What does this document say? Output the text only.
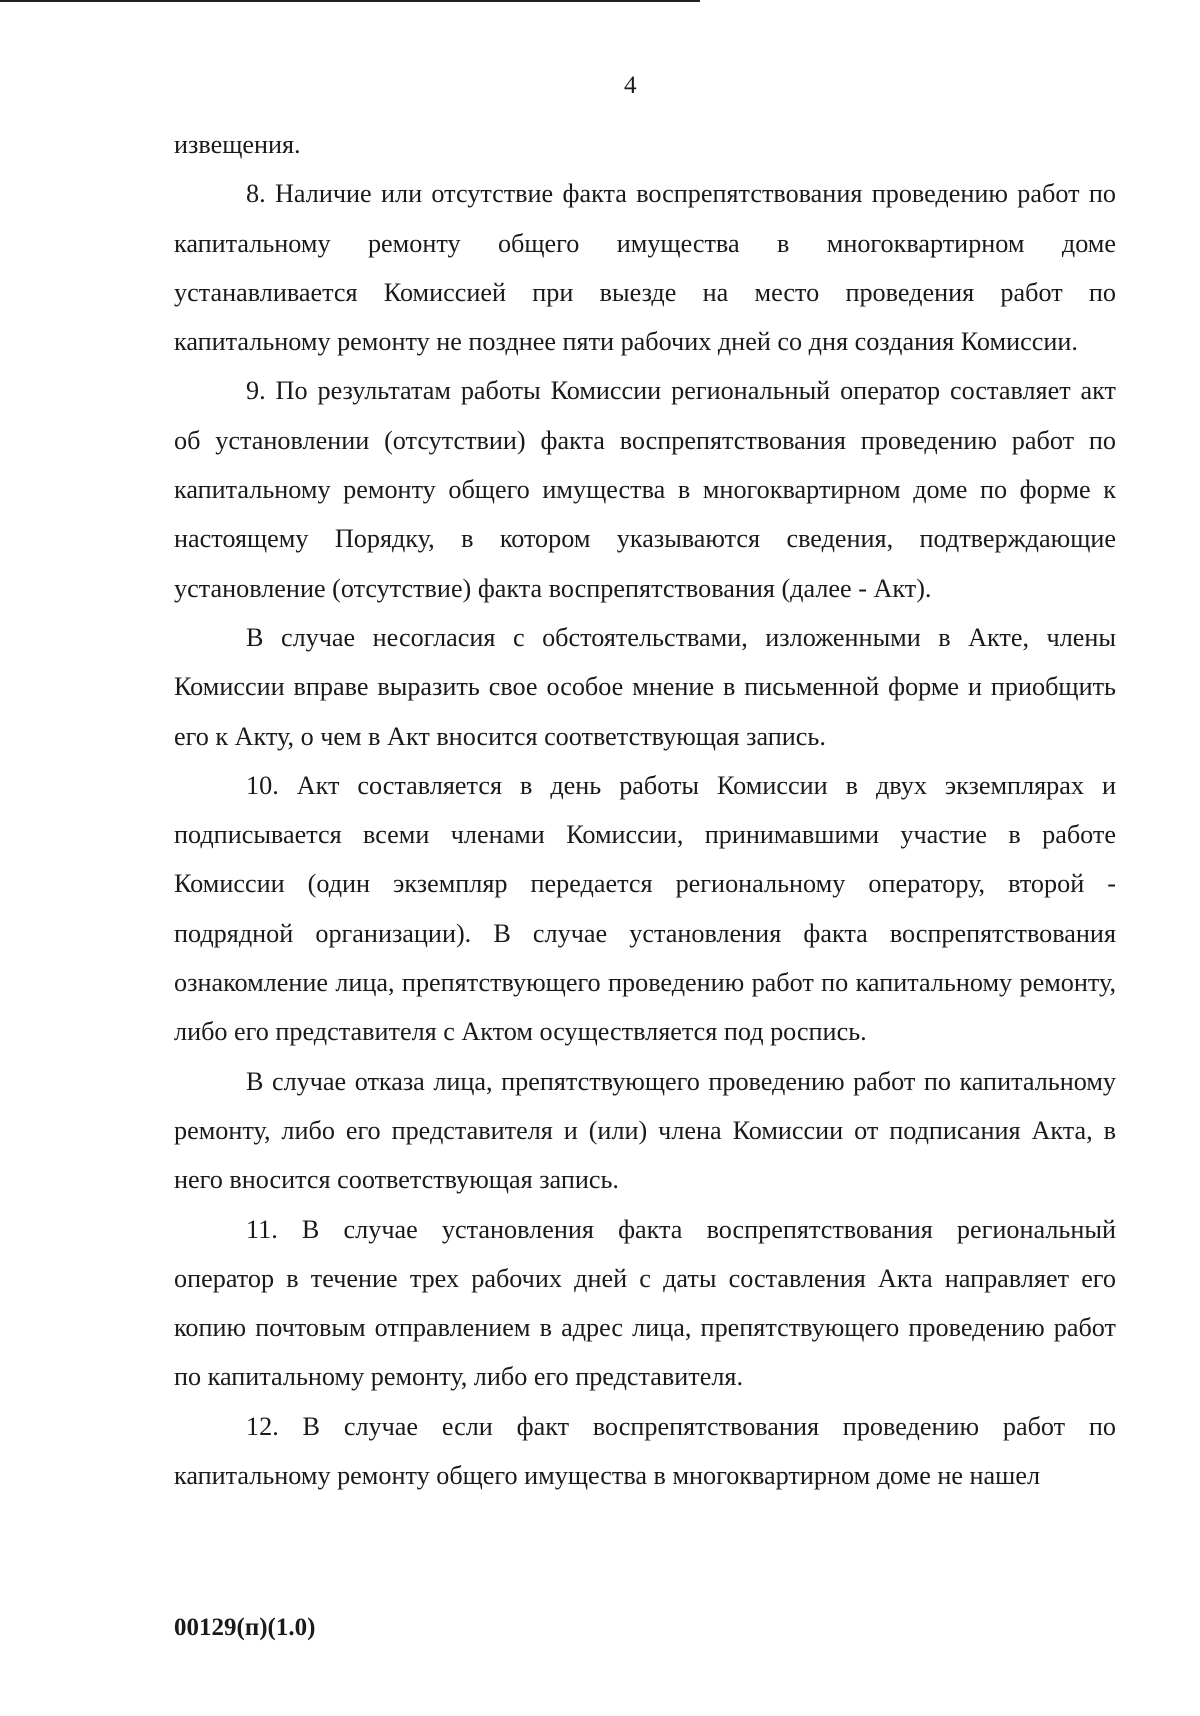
4

извещения.

8. Наличие или отсутствие факта воспрепятствования проведению работ по капитальному ремонту общего имущества в многоквартирном доме устанавливается Комиссией при выезде на место проведения работ по капитальному ремонту не позднее пяти рабочих дней со дня создания Комиссии.

9. По результатам работы Комиссии региональный оператор составляет акт об установлении (отсутствии) факта воспрепятствования проведению работ по капитальному ремонту общего имущества в многоквартирном доме по форме к настоящему Порядку, в котором указываются сведения, подтверждающие установление (отсутствие) факта воспрепятствования (далее - Акт).

В случае несогласия с обстоятельствами, изложенными в Акте, члены Комиссии вправе выразить свое особое мнение в письменной форме и приобщить его к Акту, о чем в Акт вносится соответствующая запись.

10. Акт составляется в день работы Комиссии в двух экземплярах и подписывается всеми членами Комиссии, принимавшими участие в работе Комиссии (один экземпляр передается региональному оператору, второй - подрядной организации). В случае установления факта воспрепятствования ознакомление лица, препятствующего проведению работ по капитальному ремонту, либо его представителя с Актом осуществляется под роспись.

В случае отказа лица, препятствующего проведению работ по капитальному ремонту, либо его представителя и (или) члена Комиссии от подписания Акта, в него вносится соответствующая запись.

11. В случае установления факта воспрепятствования региональный оператор в течение трех рабочих дней с даты составления Акта направляет его копию почтовым отправлением в адрес лица, препятствующего проведению работ по капитальному ремонту, либо его представителя.

12. В случае если факт воспрепятствования проведению работ по капитальному ремонту общего имущества в многоквартирном доме не нашел

00129(п)(1.0)
